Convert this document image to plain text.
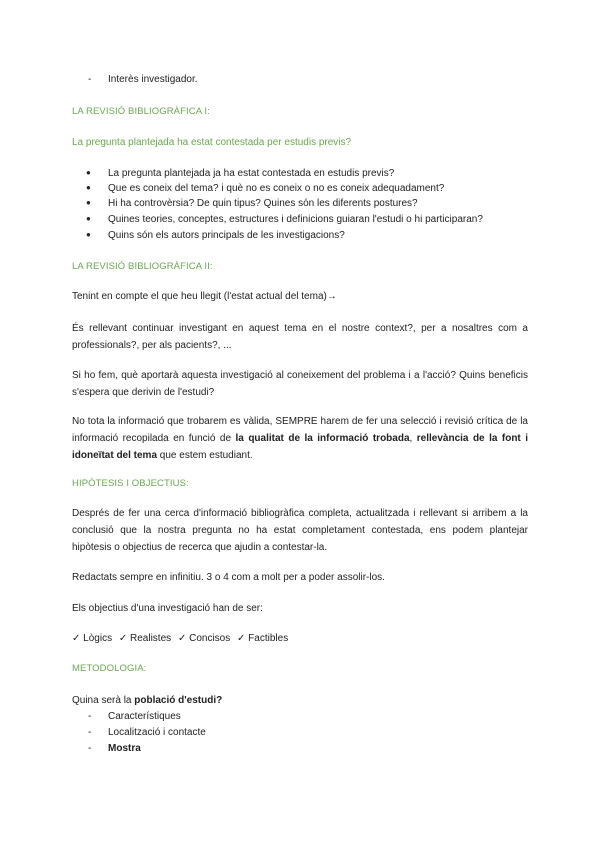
- Interès investigador.
LA REVISIÓ BIBLIOGRÀFICA I:
La pregunta plantejada ha estat contestada per estudis previs?
● La pregunta plantejada ja ha estat contestada en estudis previs?
● Que es coneix del tema? i què no es coneix o no es coneix adequadament?
● Hi ha controvèrsia? De quin tipus? Quines són les diferents postures?
● Quines teories, conceptes, estructures i definicions guiaran l'estudi o hi participaran?
● Quins són els autors principals de les investigacions?
LA REVISIÓ BIBLIOGRÀFICA II:
Tenint en compte el que heu llegit (l'estat actual del tema)→
És rellevant continuar investigant en aquest tema en el nostre context?, per a nosaltres com a
professionals?, per als pacients?, ...
Si ho fem, què aportarà aquesta investigació al coneixement del problema i a l'acció? Quins beneficis
s'espera que derivin de l'estudi?
No tota la informació que trobarem es vàlida, SEMPRE harem de fer una selecció i revisió crítica de la
informació recopilada en funció de la qualitat de la informació trobada, rellevància de la font i
idoneïtat del tema que estem estudiant.
HIPÒTESIS I OBJECTIUS:
Després de fer una cerca d'informació bibliogràfica completa, actualitzada i rellevant si arribem a la
conclusió que la nostra pregunta no ha estat completament contestada, ens podem plantejar
hipòtesis o objectius de recerca que ajudin a contestar-la.
Redactats sempre en infinitiu. 3 o 4 com a molt per a poder assolir-los.
Els objectius d'una investigació han de ser:
✓ Lògics ✓ Realistes ✓ Concisos ✓ Factibles
METODOLOGIA:
Quina serà la població d'estudi?
- Característiques
- Localització i contacte
- Mostra
